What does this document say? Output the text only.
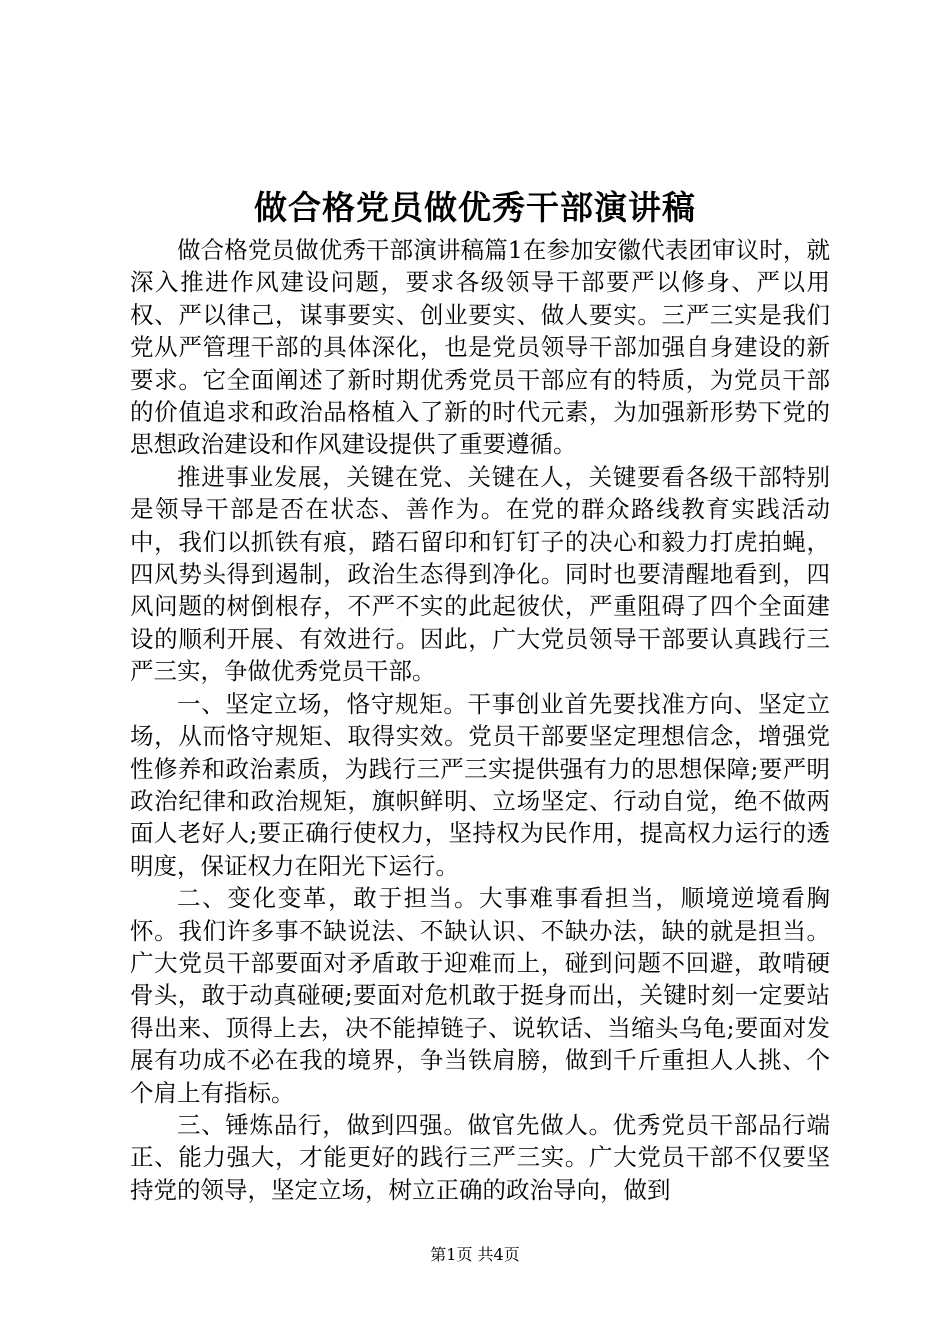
做合格党员做优秀干部演讲稿

做合格党员做优秀干部演讲稿篇1在参加安徽代表团审议时，就深入推进作风建设问题，要求各级领导干部要严以修身、严以用权、严以律己，谋事要实、创业要实、做人要实。三严三实是我们党从严管理干部的具体深化，也是党员领导干部加强自身建设的新要求。它全面阐述了新时期优秀党员干部应有的特质，为党员干部的价值追求和政治品格植入了新的时代元素，为加强新形势下党的思想政治建设和作风建设提供了重要遵循。

推进事业发展，关键在党、关键在人，关键要看各级干部特别是领导干部是否在状态、善作为。在党的群众路线教育实践活动中，我们以抓铁有痕，踏石留印和钉钉子的决心和毅力打虎拍蝇，四风势头得到遏制，政治生态得到净化。同时也要清醒地看到，四风问题的树倒根存，不严不实的此起彼伏，严重阻碍了四个全面建设的顺利开展、有效进行。因此，广大党员领导干部要认真践行三严三实，争做优秀党员干部。

一、坚定立场，恪守规矩。干事创业首先要找准方向、坚定立场，从而恪守规矩、取得实效。党员干部要坚定理想信念，增强党性修养和政治素质，为践行三严三实提供强有力的思想保障;要严明政治纪律和政治规矩，旗帜鲜明、立场坚定、行动自觉，绝不做两面人老好人;要正确行使权力，坚持权为民作用，提高权力运行的透明度，保证权力在阳光下运行。

二、变化变革，敢于担当。大事难事看担当，顺境逆境看胸怀。我们许多事不缺说法、不缺认识、不缺办法，缺的就是担当。广大党员干部要面对矛盾敢于迎难而上，碰到问题不回避，敢啃硬骨头，敢于动真碰硬;要面对危机敢于挺身而出，关键时刻一定要站得出来、顶得上去，决不能掉链子、说软话、当缩头乌龟;要面对发展有功成不必在我的境界，争当铁肩膀，做到千斤重担人人挑、个个肩上有指标。

三、锤炼品行，做到四强。做官先做人。优秀党员干部品行端正、能力强大，才能更好的践行三严三实。广大党员干部不仅要坚持党的领导，坚定立场，树立正确的政治导向，做到

第1页 共4页
